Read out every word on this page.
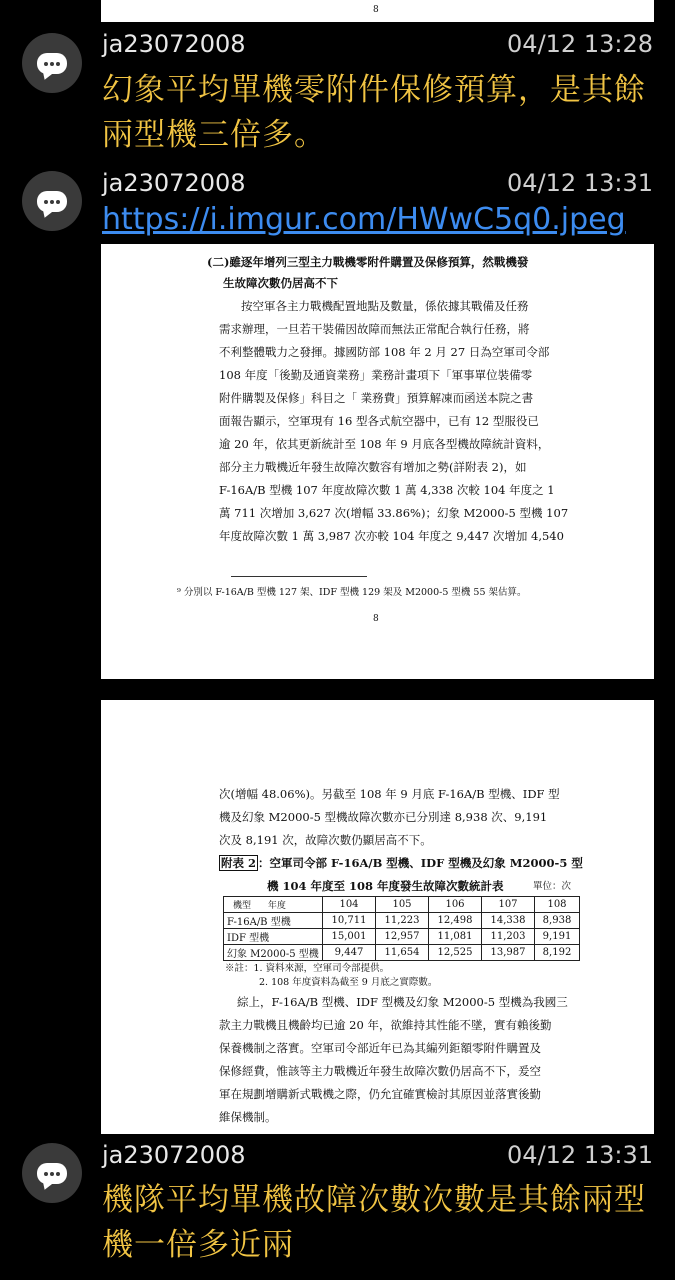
8
ja23072008	04/12 13:28
幻象平均單機零附件保修預算，是其餘兩型機三倍多。
ja23072008	04/12 13:31
https://i.imgur.com/HWwC5q0.jpeg
(二)雖逐年增列三型主力戰機零附件購置及保修預算，然戰機發
生故障次數仍居高不下
按空軍各主力戰機配置地點及數量，係依據其戰備及任務
需求辦理，一旦若干裝備因故障而無法正常配合執行任務，將
不利整體戰力之發揮。據國防部 108 年 2 月 27 日為空軍司令部
108 年度「後勤及通資業務」業務計畫項下「軍事單位裝備零
附件購製及保修」科目之「 業務費」預算解凍而函送本院之書
面報告顯示，空軍現有 16 型各式航空器中，已有 12 型服役已
逾 20 年，依其更新統計至 108 年 9 月底各型機故障統計資料，
部分主力戰機近年發生故障次數容有增加之勢(詳附表 2)，如
F-16A/B 型機 107 年度故障次數 1 萬 4,338 次較 104 年度之 1
萬 711 次增加 3,627 次(增幅 33.86%)；幻象 M2000-5 型機 107
年度故障次數 1 萬 3,987 次亦較 104 年度之 9,447 次增加 4,540
⁹ 分別以 F-16A/B 型機 127 架、IDF 型機 129 架及 M2000-5 型機 55 架估算。
8
次(增幅 48.06%)。另截至 108 年 9 月底 F-16A/B 型機、IDF 型
機及幻象 M2000-5 型機故障次數亦已分別達 8,938 次、9,191
次及 8,191 次，故障次數仍顯居高不下。
附表 2 ：空軍司令部 F-16A/B 型機、IDF 型機及幻象 M2000-5 型
機 104 年度至 108 年度發生故障次數統計表	單位：次
機型 年度	104	105	106	107	108
F-16A/B 型機	10,711	11,223	12,498	14,338	8,938
IDF 型機	15,001	12,957	11,081	11,203	9,191
幻象 M2000-5 型機	9,447	11,654	12,525	13,987	8,192
※註：1. 資料來源，空軍司令部提供。
2. 108 年度資料為截至 9 月底之實際數。
綜上，F-16A/B 型機、IDF 型機及幻象 M2000-5 型機為我國三
款主力戰機且機齡均已逾 20 年，欲維持其性能不墜，實有賴後勤
保養機制之落實。空軍司令部近年已為其編列鉅額零附件購置及
保修經費，惟該等主力戰機近年發生故障次數仍居高不下，爰空
軍在規劃增購新式戰機之際，仍允宜確實檢討其原因並落實後勤
維保機制。
ja23072008	04/12 13:31
機隊平均單機故障次數次數是其餘兩型機一倍多近兩
